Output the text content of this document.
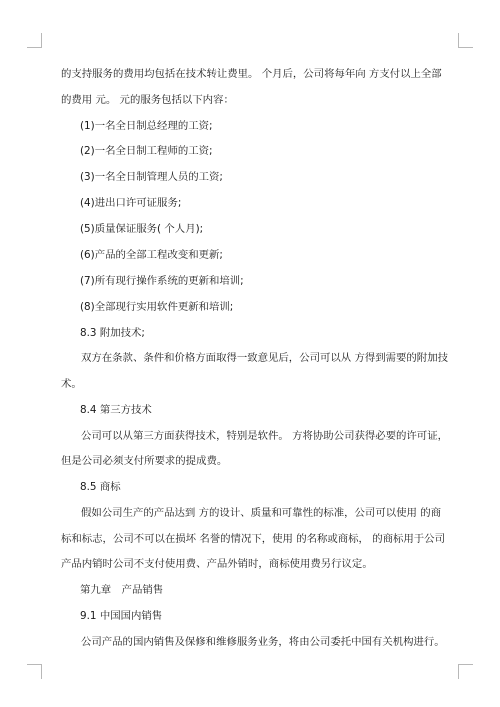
的支持服务的费用均包括在技术转让费里。 个月后，公司将每年向 方支付以上全部
的费用 元。 元的服务包括以下内容：
(1)一名全日制总经理的工资;
(2)一名全日制工程师的工资;
(3)一名全日制管理人员的工资;
(4)进出口许可证服务;
(5)质量保证服务( 个人月);
(6)产品的全部工程改变和更新;
(7)所有现行操作系统的更新和培训;
(8)全部现行实用软件更新和培训;
8.3 附加技术;
双方在条款、条件和价格方面取得一致意见后，公司可以从 方得到需要的附加技
术。
8.4 第三方技术
公司可以从第三方面获得技术，特别是软件。 方将协助公司获得必要的许可证，
但是公司必须支付所要求的提成费。
8.5 商标
假如公司生产的产品达到 方的设计、质量和可靠性的标准，公司可以使用 的商
标和标志，公司不可以在损坏 名誉的情况下，使用 的名称或商标， 的商标用于公司
产品内销时公司不支付使用费、产品外销时，商标使用费另行议定。
第九章　产品销售
9.1 中国国内销售
公司产品的国内销售及保修和维修服务业务，将由公司委托中国有关机构进行。
